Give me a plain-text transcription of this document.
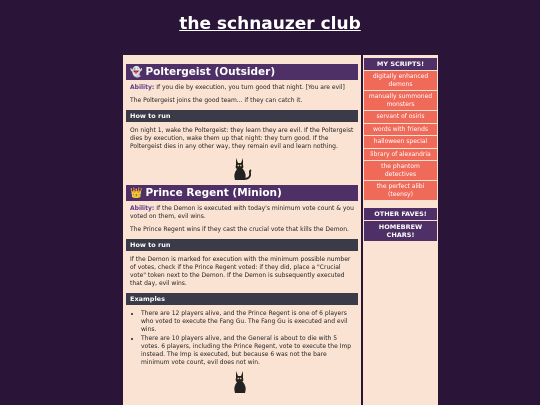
the schnauzer club
👻 Poltergeist (Outsider)

Ability: If you die by execution, you turn good that night. [You are evil]

The Poltergeist joins the good team... if they can catch it.

How to run

On night 1, wake the Poltergeist: they learn they are evil. If the Poltergeist dies by execution, wake them up that night: they turn good. If the Poltergeist dies in any other way, they remain evil and learn nothing.

👑 Prince Regent (Minion)

Ability: If the Demon is executed with today's minimum vote count & you voted on them, evil wins.

The Prince Regent wins if they cast the crucial vote that kills the Demon.

How to run

If the Demon is marked for execution with the minimum possible number of votes, check if the Prince Regent voted: if they did, place a "Crucial vote" token next to the Demon. If the Demon is subsequently executed that day, evil wins.

Examples
• There are 12 players alive, and the Prince Regent is one of 6 players who voted to execute the Fang Gu. The Fang Gu is executed and evil wins.
• There are 10 players alive, and the General is about to die with 5 votes. 6 players, including the Prince Regent, vote to execute the Imp instead. The Imp is executed, but because 6 was not the bare minimum vote count, evil does not win.
MY SCRIPTS!
digitally enhanced demons
manually summoned monsters
servant of osiris
words with friends
halloween special
library of alexandria
the phantom detectives
the perfect alibi (teensy)
OTHER FAVES!
HOMEBREW CHARS!
